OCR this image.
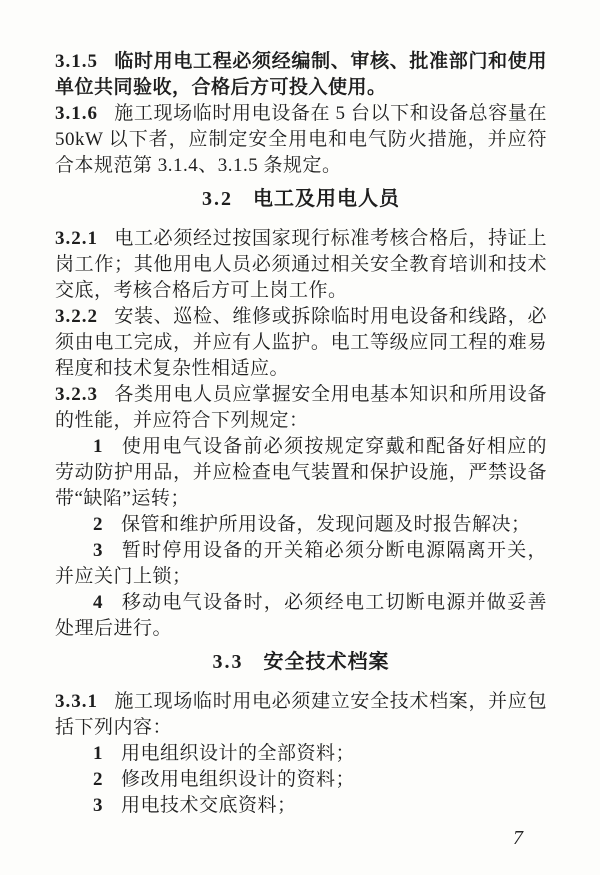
3.1.5 临时用电工程必须经编制、审核、批准部门和使用单位共同验收，合格后方可投入使用。

3.1.6 施工现场临时用电设备在 5 台以下和设备总容量在 50kW 以下者，应制定安全用电和电气防火措施，并应符合本规范第 3.1.4、3.1.5 条规定。

3.2 电工及用电人员

3.2.1 电工必须经过按国家现行标准考核合格后，持证上岗工作；其他用电人员必须通过相关安全教育培训和技术交底，考核合格后方可上岗工作。

3.2.2 安装、巡检、维修或拆除临时用电设备和线路，必须由电工完成，并应有人监护。电工等级应同工程的难易程度和技术复杂性相适应。

3.2.3 各类用电人员应掌握安全用电基本知识和所用设备的性能，并应符合下列规定：

1 使用电气设备前必须按规定穿戴和配备好相应的劳动防护用品，并应检查电气装置和保护设施，严禁设备带“缺陷”运转；

2 保管和维护所用设备，发现问题及时报告解决；

3 暂时停用设备的开关箱必须分断电源隔离开关，并应关门上锁；

4 移动电气设备时，必须经电工切断电源并做妥善处理后进行。

3.3 安全技术档案

3.3.1 施工现场临时用电必须建立安全技术档案，并应包括下列内容：

1 用电组织设计的全部资料；

2 修改用电组织设计的资料；

3 用电技术交底资料；

7
